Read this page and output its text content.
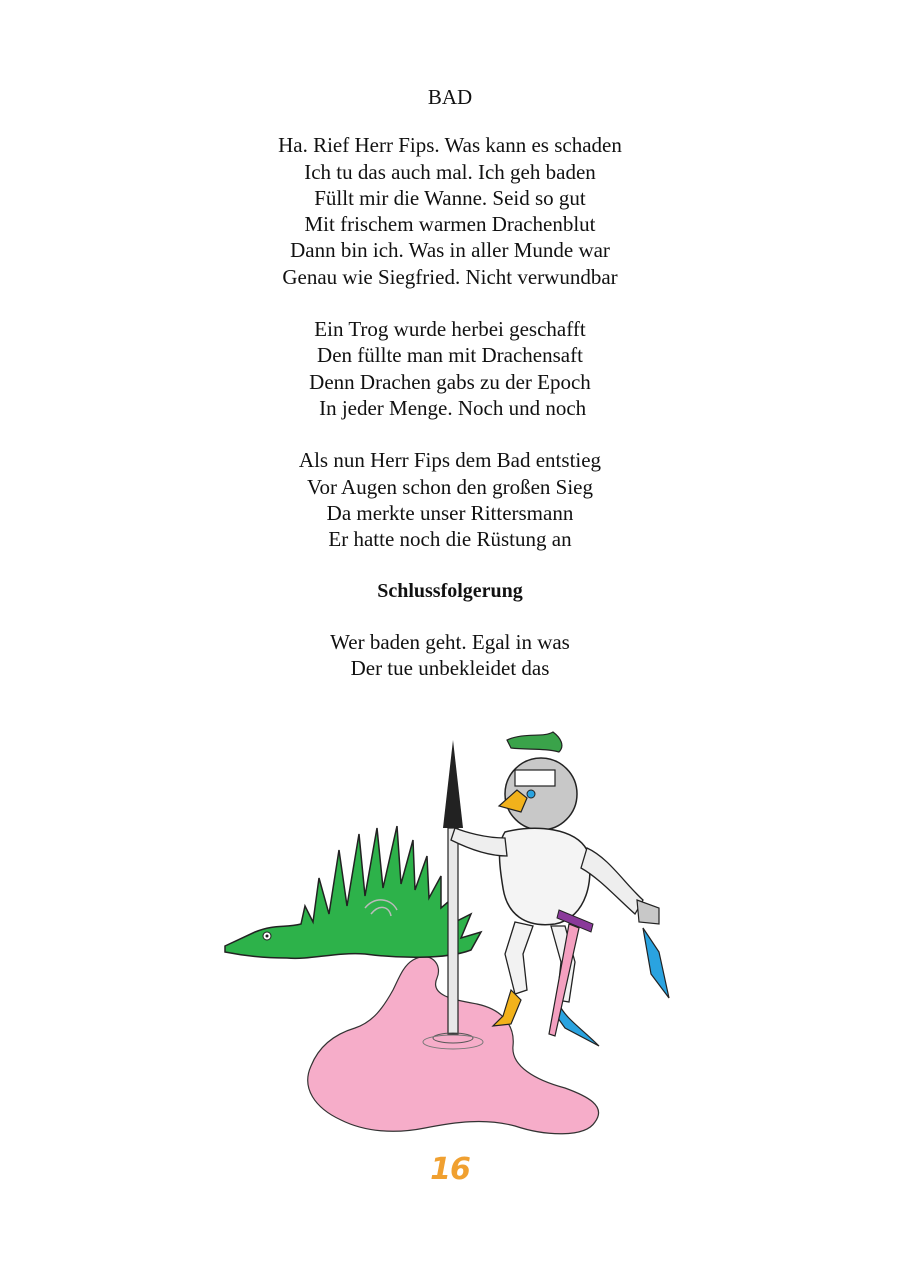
BAD
Ha. Rief Herr Fips. Was kann es schaden
Ich tu das auch mal. Ich geh baden
Füllt mir die Wanne. Seid so gut
Mit frischem warmen Drachenblut
Dann bin ich. Was in aller Munde war
Genau wie Siegfried. Nicht verwundbar
Ein Trog wurde herbei geschafft
Den füllte man mit Drachensaft
Denn Drachen gabs zu der Epoch
In jeder Menge. Noch und noch
Als nun Herr Fips dem Bad entstieg
Vor Augen schon den großen Sieg
Da merkte unser Rittersmann
Er hatte noch die Rüstung an
Schlussfolgerung
Wer baden geht. Egal in was
Der tue unbekleidet das
16
